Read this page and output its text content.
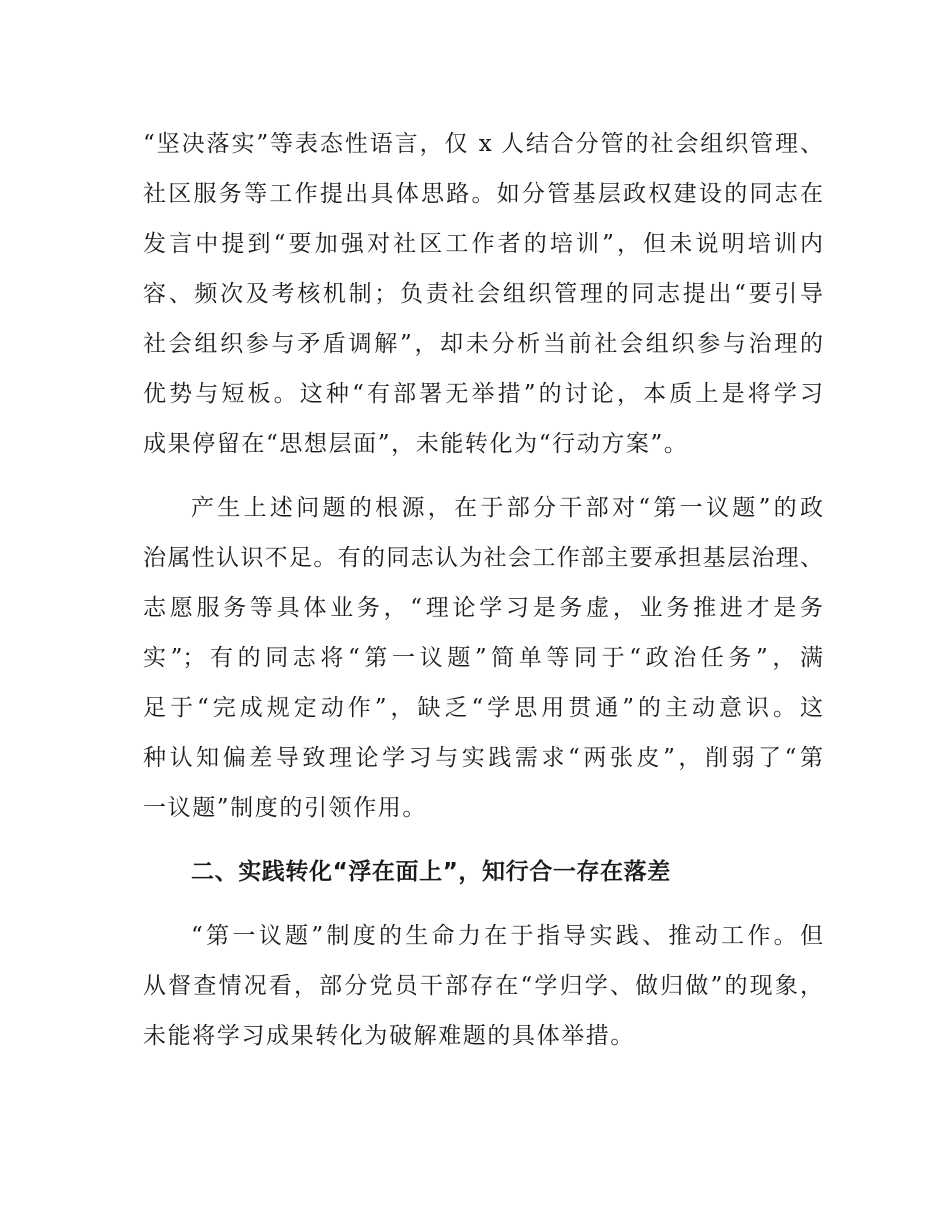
“坚决落实”等表态性语言，仅 x 人结合分管的社会组织管理、
社区服务等工作提出具体思路。如分管基层政权建设的同志在
发言中提到“要加强对社区工作者的培训”，但未说明培训内
容、频次及考核机制；负责社会组织管理的同志提出“要引导
社会组织参与矛盾调解”，却未分析当前社会组织参与治理的
优势与短板。这种“有部署无举措”的讨论，本质上是将学习
成果停留在“思想层面”，未能转化为“行动方案”。
产生上述问题的根源，在于部分干部对“第一议题”的政
治属性认识不足。有的同志认为社会工作部主要承担基层治理、
志愿服务等具体业务，“理论学习是务虚，业务推进才是务
实”；有的同志将“第一议题”简单等同于“政治任务”，满
足于“完成规定动作”，缺乏“学思用贯通”的主动意识。这
种认知偏差导致理论学习与实践需求“两张皮”，削弱了“第
一议题”制度的引领作用。
二、实践转化“浮在面上”，知行合一存在落差
“第一议题”制度的生命力在于指导实践、推动工作。但
从督查情况看，部分党员干部存在“学归学、做归做”的现象，
未能将学习成果转化为破解难题的具体举措。
